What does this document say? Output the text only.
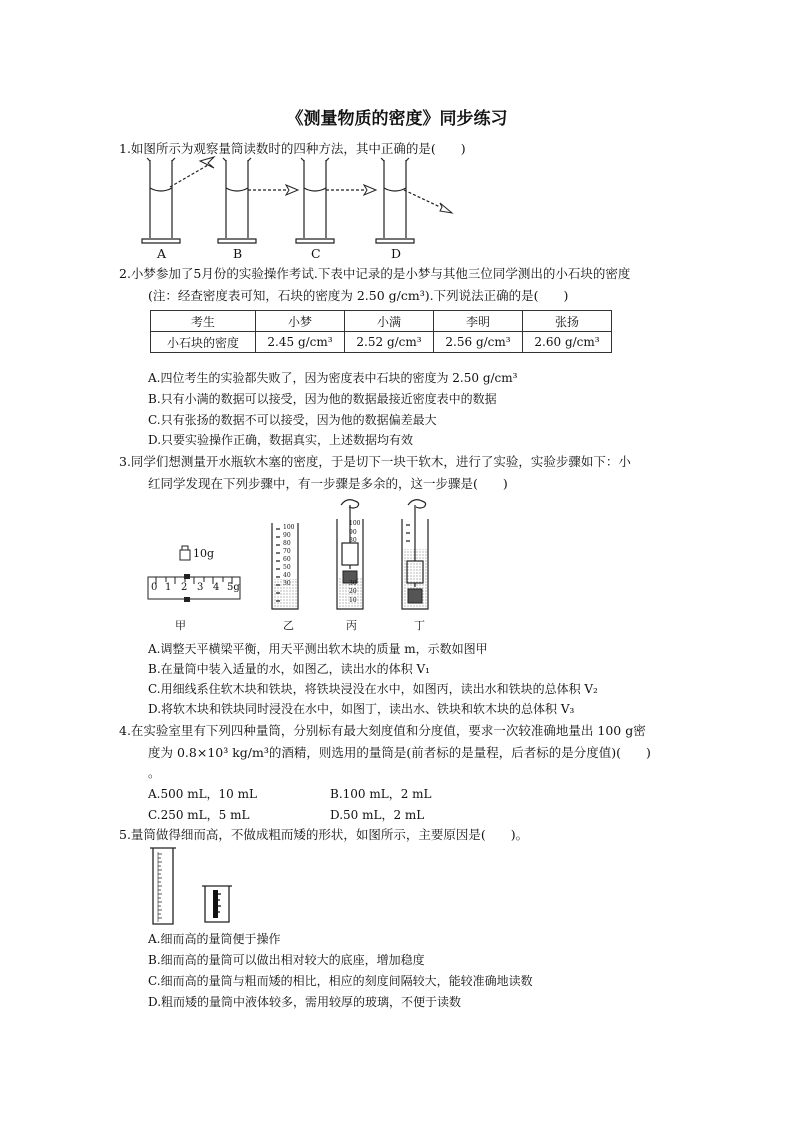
《测量物质的密度》同步练习
1.如图所示为观察量筒读数时的四种方法，其中正确的是(　　)
A	B	C	D
2.小梦参加了5月份的实验操作考试.下表中记录的是小梦与其他三位同学测出的小石块的密度
(注：经查密度表可知，石块的密度为 2.50 g/cm³).下列说法正确的是(　　)
考生	小梦	小满	李明	张扬
小石块的密度	2.45 g/cm³	2.52 g/cm³	2.56 g/cm³	2.60 g/cm³
A.四位考生的实验都失败了，因为密度表中石块的密度为 2.50 g/cm³
B.只有小满的数据可以接受，因为他的数据最接近密度表中的数据
C.只有张扬的数据不可以接受，因为他的数据偏差最大
D.只要实验操作正确，数据真实，上述数据均有效
3.同学们想测量开水瓶软木塞的密度，于是切下一块干软木，进行了实验，实验步骤如下：小
红同学发现在下列步骤中，有一步骤是多余的，这一步骤是(　　)
10g
0 1 2 3 4 5g
100
90
80
70
60
50
40
30
100
90
80
30
20
10
甲	乙	丙	丁
A.调整天平横梁平衡，用天平测出软木块的质量 m，示数如图甲
B.在量筒中装入适量的水，如图乙，读出水的体积 V₁
C.用细线系住软木块和铁块，将铁块浸没在水中，如图丙，读出水和铁块的总体积 V₂
D.将软木块和铁块同时浸没在水中，如图丁，读出水、铁块和软木块的总体积 V₃
4.在实验室里有下列四种量筒，分别标有最大刻度值和分度值，要求一次较准确地量出 100 g密
度为 0.8×10³ kg/m³的酒精，则选用的量筒是(前者标的是量程，后者标的是分度值)(　　)
。
A.500 mL，10 mL	B.100 mL，2 mL
C.250 mL，5 mL	D.50 mL，2 mL
5.量筒做得细而高，不做成粗而矮的形状，如图所示，主要原因是(　　)。
A.细而高的量筒便于操作
B.细而高的量筒可以做出相对较大的底座，增加稳度
C.细而高的量筒与粗而矮的相比，相应的刻度间隔较大，能较准确地读数
D.粗而矮的量筒中液体较多，需用较厚的玻璃，不便于读数
